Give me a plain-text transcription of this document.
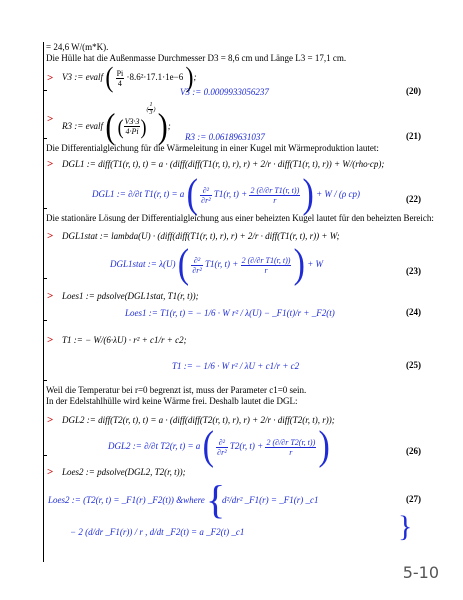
= 24,6 W/(m*K).
Die Hülle hat die Außenmasse Durchmesser D3 = 8,6 cm und Länge L3 = 17,1 cm.
> V3 := evalf ( $\frac{Pi}{4} \cdot 8.6^2\cdot 17.1\cdot 1e-6$ );
V3 := 0.0009933056237	(20)
>
R3 := evalf ( ( $\frac{V3\cdot 3}{4\cdot Pi} )^{( \frac{1}{3} )}$ );
R3 := 0.06189631037	(21)
Die Differentialgleichung für die Wärmeleitung in einer Kugel mit Wärmeproduktion lautet:
> DGL1 := diff(T1(r, t), t) = a · (diff(diff(T1(r, t), r), r) + 2/r · diff(T1(r, t), r)) + W/(rho·cp);
DGL1 := ∂/∂t T1(r, t) = a ( $\frac{\text{∂²}}{\text{∂r²}} T1(r$, $t) + \frac{\text{2 (∂/∂r T1(r, t))}}{r}$ ) + W / (ρ cp)	(22)
Die stationäre Lösung der Differentialgleichung aus einer beheizten Kugel lautet für den beheizten Bereich:
> DGL1stat := lambda(U) · (diff(diff(T1(r, t), r), r) + 2/r · diff(T1(r, t), r)) + W;
DGL1stat := λ(U) ( $\frac{\text{∂²}}{\text{∂r²}} T1(r$, $t) + \frac{\text{2 (∂/∂r T1(r, t))}}{r}$ ) + W
(23)
> Loes1 := pdsolve(DGL1stat, T1(r, t));
Loes1 := T1(r, t) = − 1/6 · W r² / λ(U) − _F1(t)/r + _F2(t)	(24)
> T1 := − W/(6·λU) · r² + c1/r + c2;
T1 := − 1/6 · W r² / λU + c1/r + c2	(25)
Weil die Temperatur bei r=0 begrenzt ist, muss der Parameter c1=0 sein.
In der Edelstahlhülle wird keine Wärme frei. Deshalb lautet die DGL:
> DGL2 := diff(T2(r, t), t) = a · (diff(diff(T2(r, t), r), r) + 2/r · diff(T2(r, t), r));
DGL2 := ∂/∂t T2(r, t) = a ( $\frac{\text{∂²}}{\text{∂r²}} T2(r$, $t) + \frac{\text{2 (∂/∂r T2(r, t))}}{r}$ )	(26)
> Loes2 := pdsolve(DGL2, T2(r, t));
Loes2 := (T2(r, t) = _F1(r) _F2(t)) &where d²/dr² _F1(r) = _F1(r) _c1
− 2 (d/dr _F1(r)) / r , d/dt _F2(t) = a _F2(t) _c1
{
}
(27)
5-10
